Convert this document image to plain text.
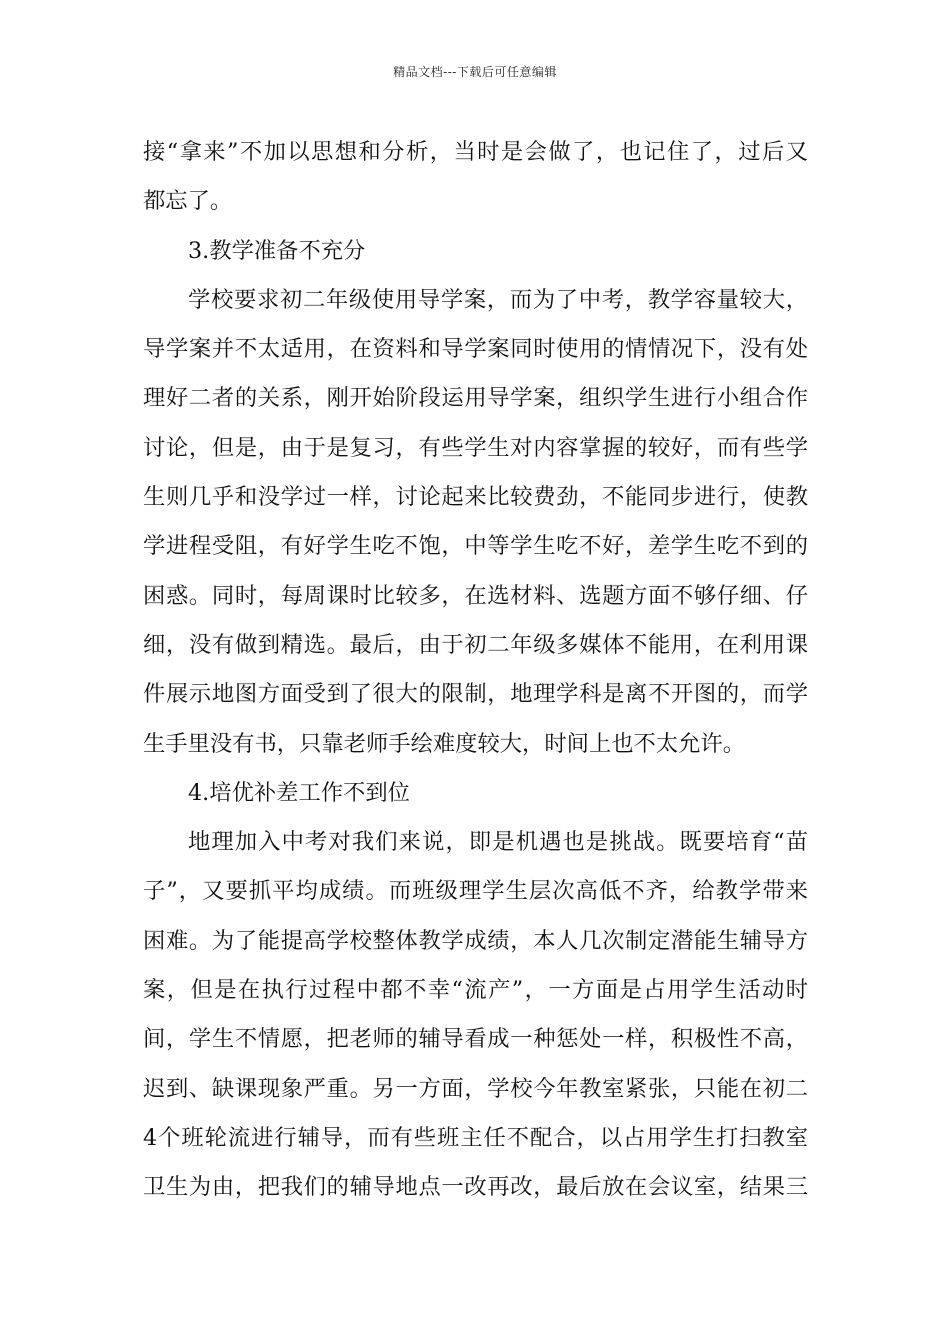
精品文档---下载后可任意编辑
接“拿来”不加以思想和分析，当时是会做了，也记住了，过后又
都忘了。
3.教学准备不充分
学校要求初二年级使用导学案，而为了中考，教学容量较大，
导学案并不太适用，在资料和导学案同时使用的情情况下，没有处
理好二者的关系，刚开始阶段运用导学案，组织学生进行小组合作
讨论，但是，由于是复习，有些学生对内容掌握的较好，而有些学
生则几乎和没学过一样，讨论起来比较费劲，不能同步进行，使教
学进程受阻，有好学生吃不饱，中等学生吃不好，差学生吃不到的
困惑。同时，每周课时比较多，在选材料、选题方面不够仔细、仔
细，没有做到精选。最后，由于初二年级多媒体不能用，在利用课
件展示地图方面受到了很大的限制，地理学科是离不开图的，而学
生手里没有书，只靠老师手绘难度较大，时间上也不太允许。
4.培优补差工作不到位
地理加入中考对我们来说，即是机遇也是挑战。既要培育“苗
子”，又要抓平均成绩。而班级理学生层次高低不齐，给教学带来
困难。为了能提高学校整体教学成绩，本人几次制定潜能生辅导方
案，但是在执行过程中都不幸“流产”，一方面是占用学生活动时
间，学生不情愿，把老师的辅导看成一种惩处一样，积极性不高，
迟到、缺课现象严重。另一方面，学校今年教室紧张，只能在初二
4个班轮流进行辅导，而有些班主任不配合，以占用学生打扫教室
卫生为由，把我们的辅导地点一改再改，最后放在会议室，结果三
